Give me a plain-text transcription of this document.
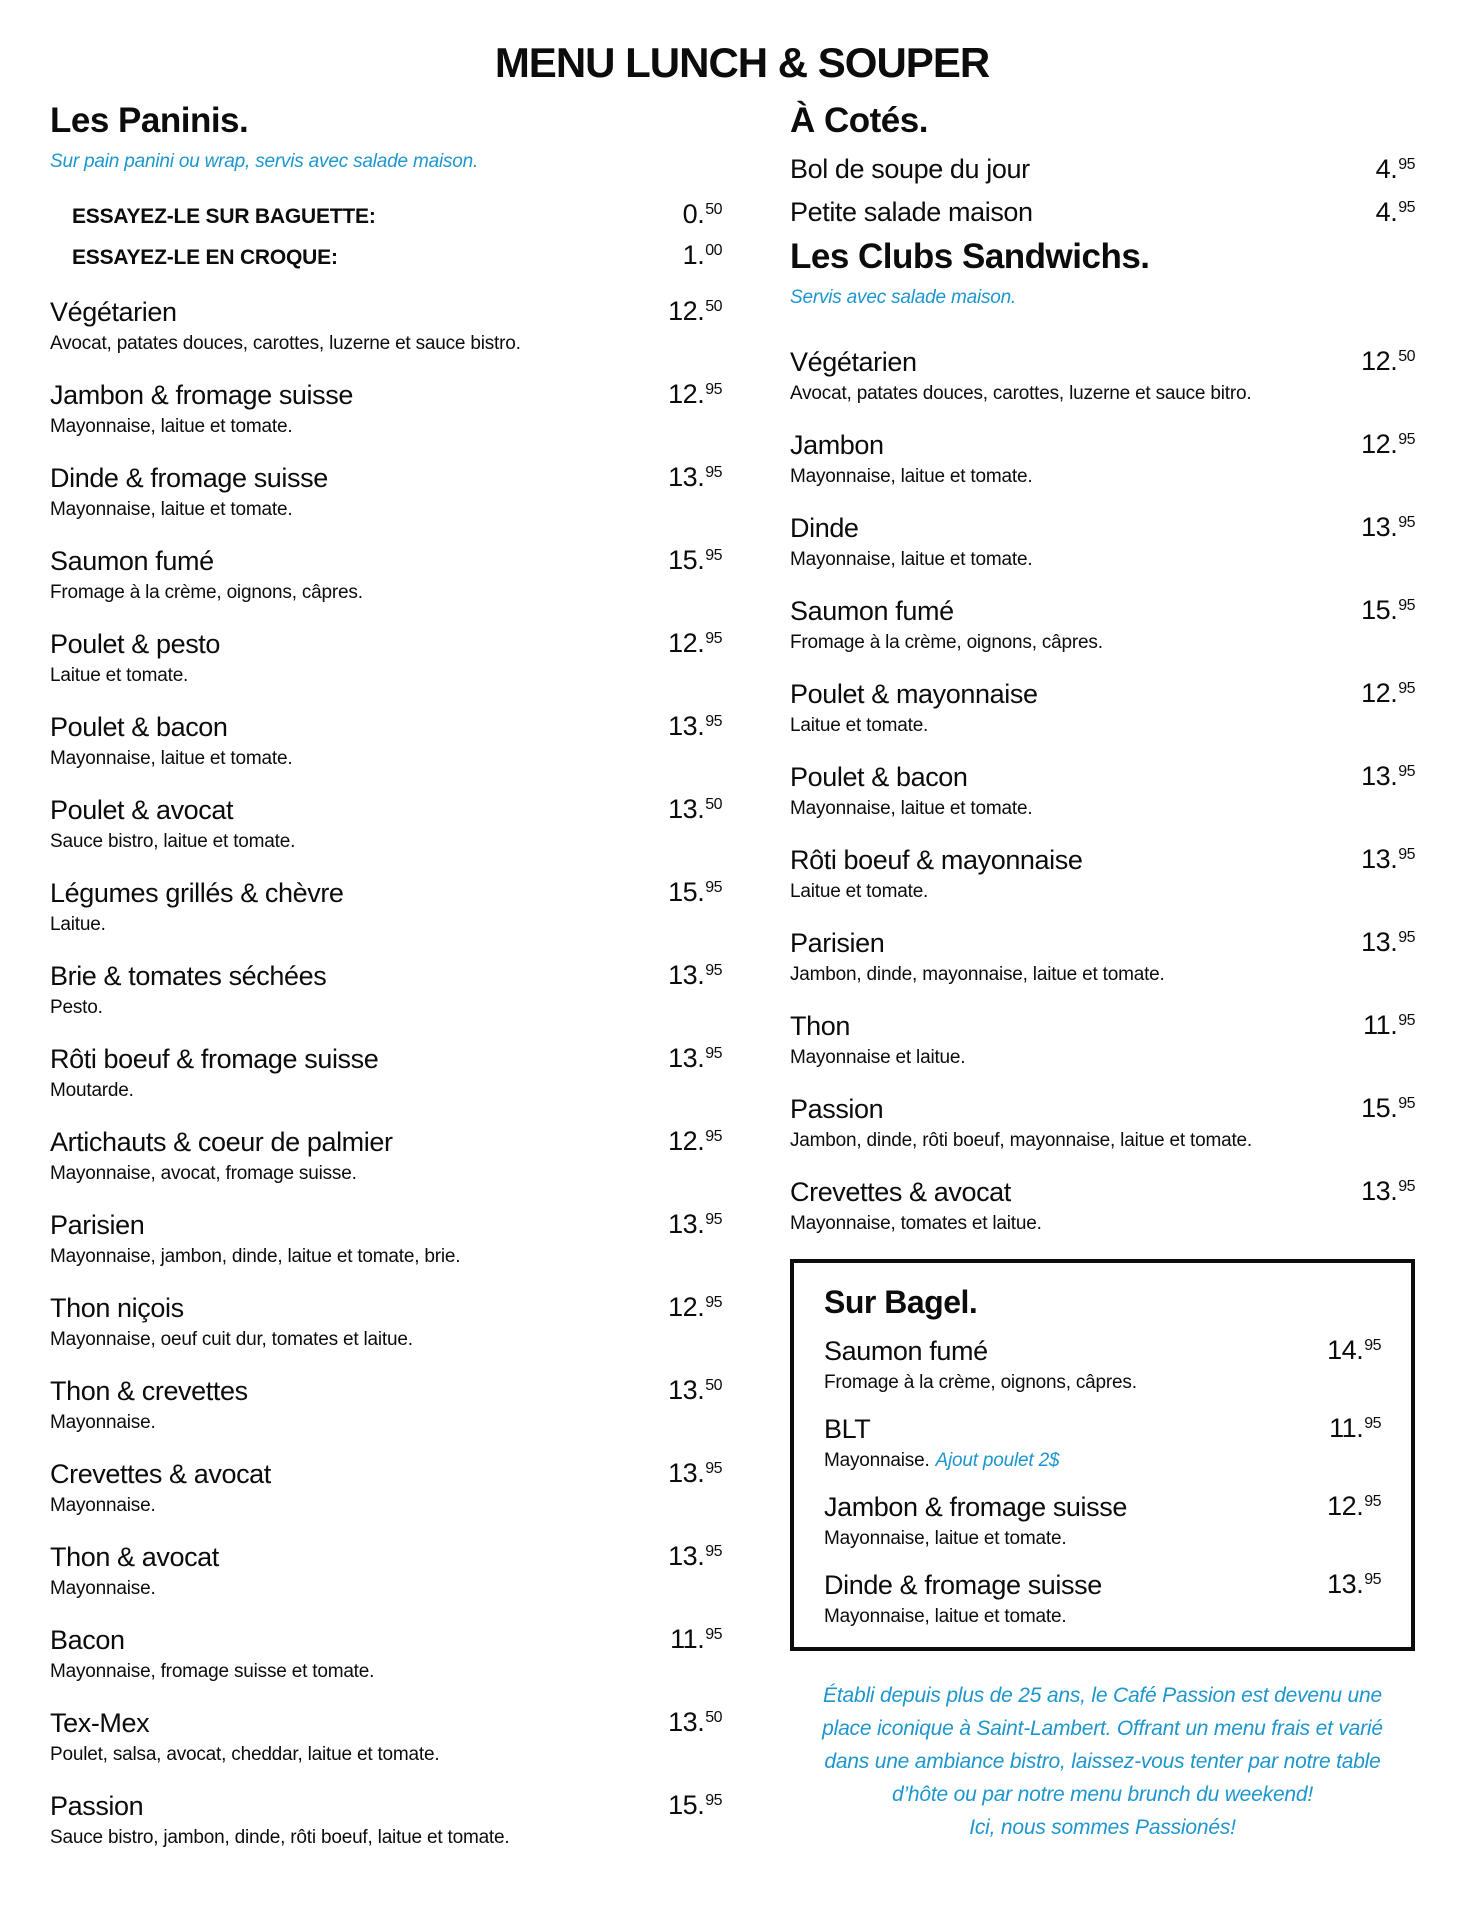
MENU LUNCH & SOUPER
Les Paninis.

Sur pain panini ou wrap, servis avec salade maison.

ESSAYEZ-LE SUR BAGUETTE:	0.50
ESSAYEZ-LE EN CROQUE:	1.00
Végétarien	12.50
Avocat, patates douces, carottes, luzerne et sauce bistro.
Jambon & fromage suisse	12.95
Mayonnaise, laitue et tomate.
Dinde & fromage suisse	13.95
Mayonnaise, laitue et tomate.
Saumon fumé	15.95
Fromage à la crème, oignons, câpres.
Poulet & pesto	12.95
Laitue et tomate.
Poulet & bacon	13.95
Mayonnaise, laitue et tomate.
Poulet & avocat	13.50
Sauce bistro, laitue et tomate.
Légumes grillés & chèvre	15.95
Laitue.
Brie & tomates séchées	13.95
Pesto.
Rôti boeuf & fromage suisse	13.95
Moutarde.
Artichauts & coeur de palmier	12.95
Mayonnaise, avocat, fromage suisse.
Parisien	13.95
Mayonnaise, jambon, dinde, laitue et tomate, brie.
Thon niçois	12.95
Mayonnaise, oeuf cuit dur, tomates et laitue.
Thon & crevettes	13.50
Mayonnaise.
Crevettes & avocat	13.95
Mayonnaise.
Thon & avocat	13.95
Mayonnaise.
Bacon	11.95
Mayonnaise, fromage suisse et tomate.
Tex-Mex	13.50
Poulet, salsa, avocat, cheddar, laitue et tomate.
Passion	15.95
Sauce bistro, jambon, dinde, rôti boeuf, laitue et tomate.
À Cotés.
Bol de soupe du jour	4.95
Petite salade maison	4.95
Les Clubs Sandwichs.

Servis avec salade maison.

Végétarien	12.50
Avocat, patates douces, carottes, luzerne et sauce bitro.
Jambon	12.95
Mayonnaise, laitue et tomate.
Dinde	13.95
Mayonnaise, laitue et tomate.
Saumon fumé	15.95
Fromage à la crème, oignons, câpres.
Poulet & mayonnaise	12.95
Laitue et tomate.
Poulet & bacon	13.95
Mayonnaise, laitue et tomate.
Rôti boeuf & mayonnaise	13.95
Laitue et tomate.
Parisien	13.95
Jambon, dinde, mayonnaise, laitue et tomate.
Thon	11.95
Mayonnaise et laitue.
Passion	15.95
Jambon, dinde, rôti boeuf, mayonnaise, laitue et tomate.
Crevettes & avocat	13.95
Mayonnaise, tomates et laitue.
Sur Bagel.
Saumon fumé	14.95
Fromage à la crème, oignons, câpres.
BLT	11.95
Mayonnaise. Ajout poulet 2$
Jambon & fromage suisse	12.95
Mayonnaise, laitue et tomate.
Dinde & fromage suisse	13.95
Mayonnaise, laitue et tomate.
Établi depuis plus de 25 ans, le Café Passion est devenu une
place iconique à Saint-Lambert. Offrant un menu frais et varié
dans une ambiance bistro, laissez-vous tenter par notre table
d’hôte ou par notre menu brunch du weekend!
Ici, nous sommes Passionés!
